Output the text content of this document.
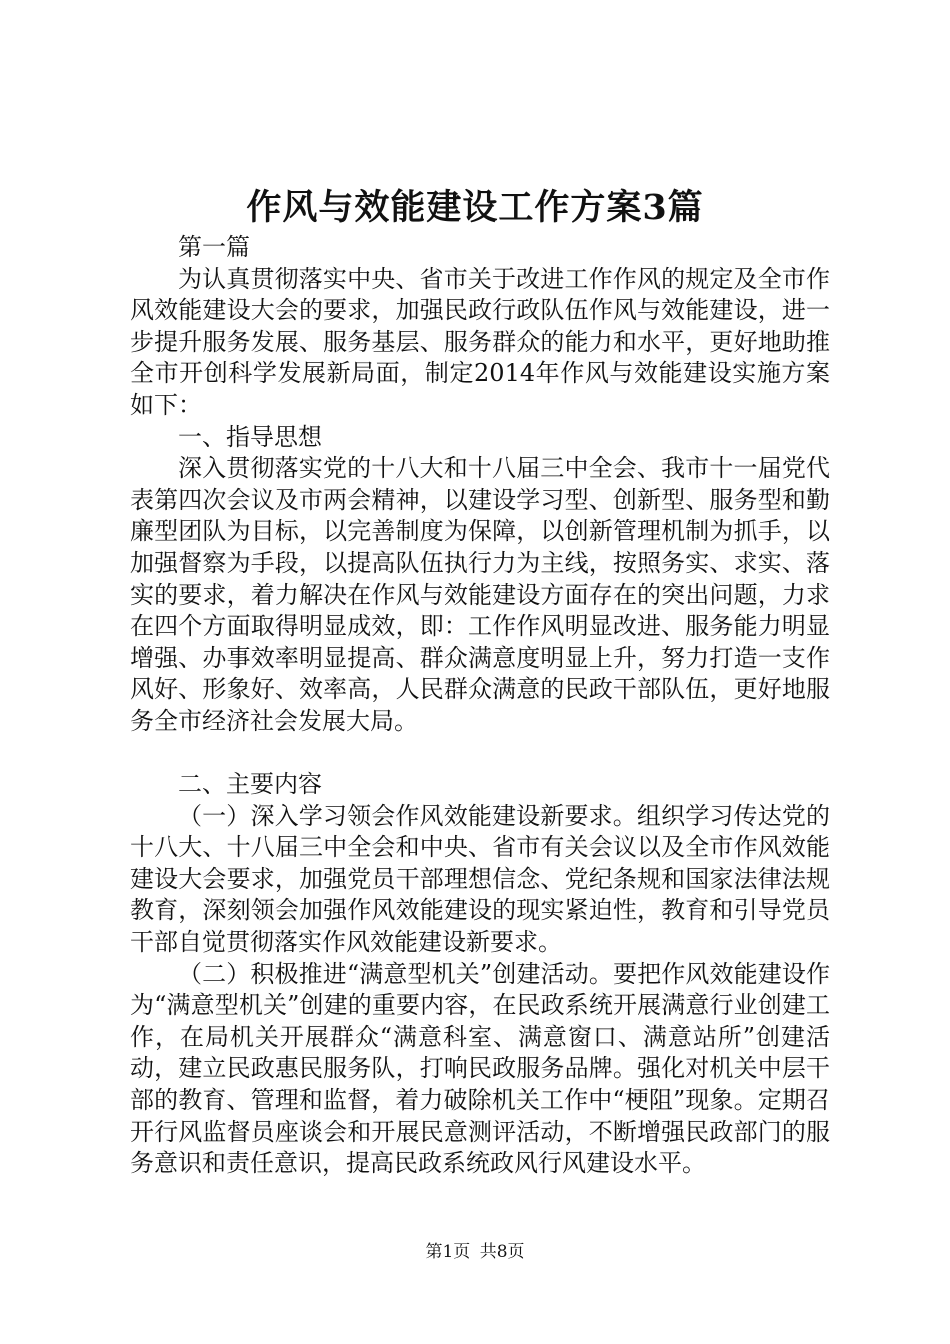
作风与效能建设工作方案3篇

第一篇

为认真贯彻落实中央、省市关于改进工作作风的规定及全市作风效能建设大会的要求，加强民政行政队伍作风与效能建设，进一步提升服务发展、服务基层、服务群众的能力和水平，更好地助推全市开创科学发展新局面，制定2014年作风与效能建设实施方案如下：

一、指导思想

深入贯彻落实党的十八大和十八届三中全会、我市十一届党代表第四次会议及市两会精神，以建设学习型、创新型、服务型和勤廉型团队为目标，以完善制度为保障，以创新管理机制为抓手，以加强督察为手段，以提高队伍执行力为主线，按照务实、求实、落实的要求，着力解决在作风与效能建设方面存在的突出问题，力求在四个方面取得明显成效，即：工作作风明显改进、服务能力明显增强、办事效率明显提高、群众满意度明显上升，努力打造一支作风好、形象好、效率高，人民群众满意的民政干部队伍，更好地服务全市经济社会发展大局。

二、主要内容

（一）深入学习领会作风效能建设新要求。组织学习传达党的十八大、十八届三中全会和中央、省市有关会议以及全市作风效能建设大会要求，加强党员干部理想信念、党纪条规和国家法律法规教育，深刻领会加强作风效能建设的现实紧迫性，教育和引导党员干部自觉贯彻落实作风效能建设新要求。

（二）积极推进“满意型机关”创建活动。要把作风效能建设作为“满意型机关”创建的重要内容，在民政系统开展满意行业创建工作，在局机关开展群众“满意科室、满意窗口、满意站所”创建活动，建立民政惠民服务队，打响民政服务品牌。强化对机关中层干部的教育、管理和监督，着力破除机关工作中“梗阻”现象。定期召开行风监督员座谈会和开展民意测评活动，不断增强民政部门的服务意识和责任意识，提高民政系统政风行风建设水平。

第1页 共8页
